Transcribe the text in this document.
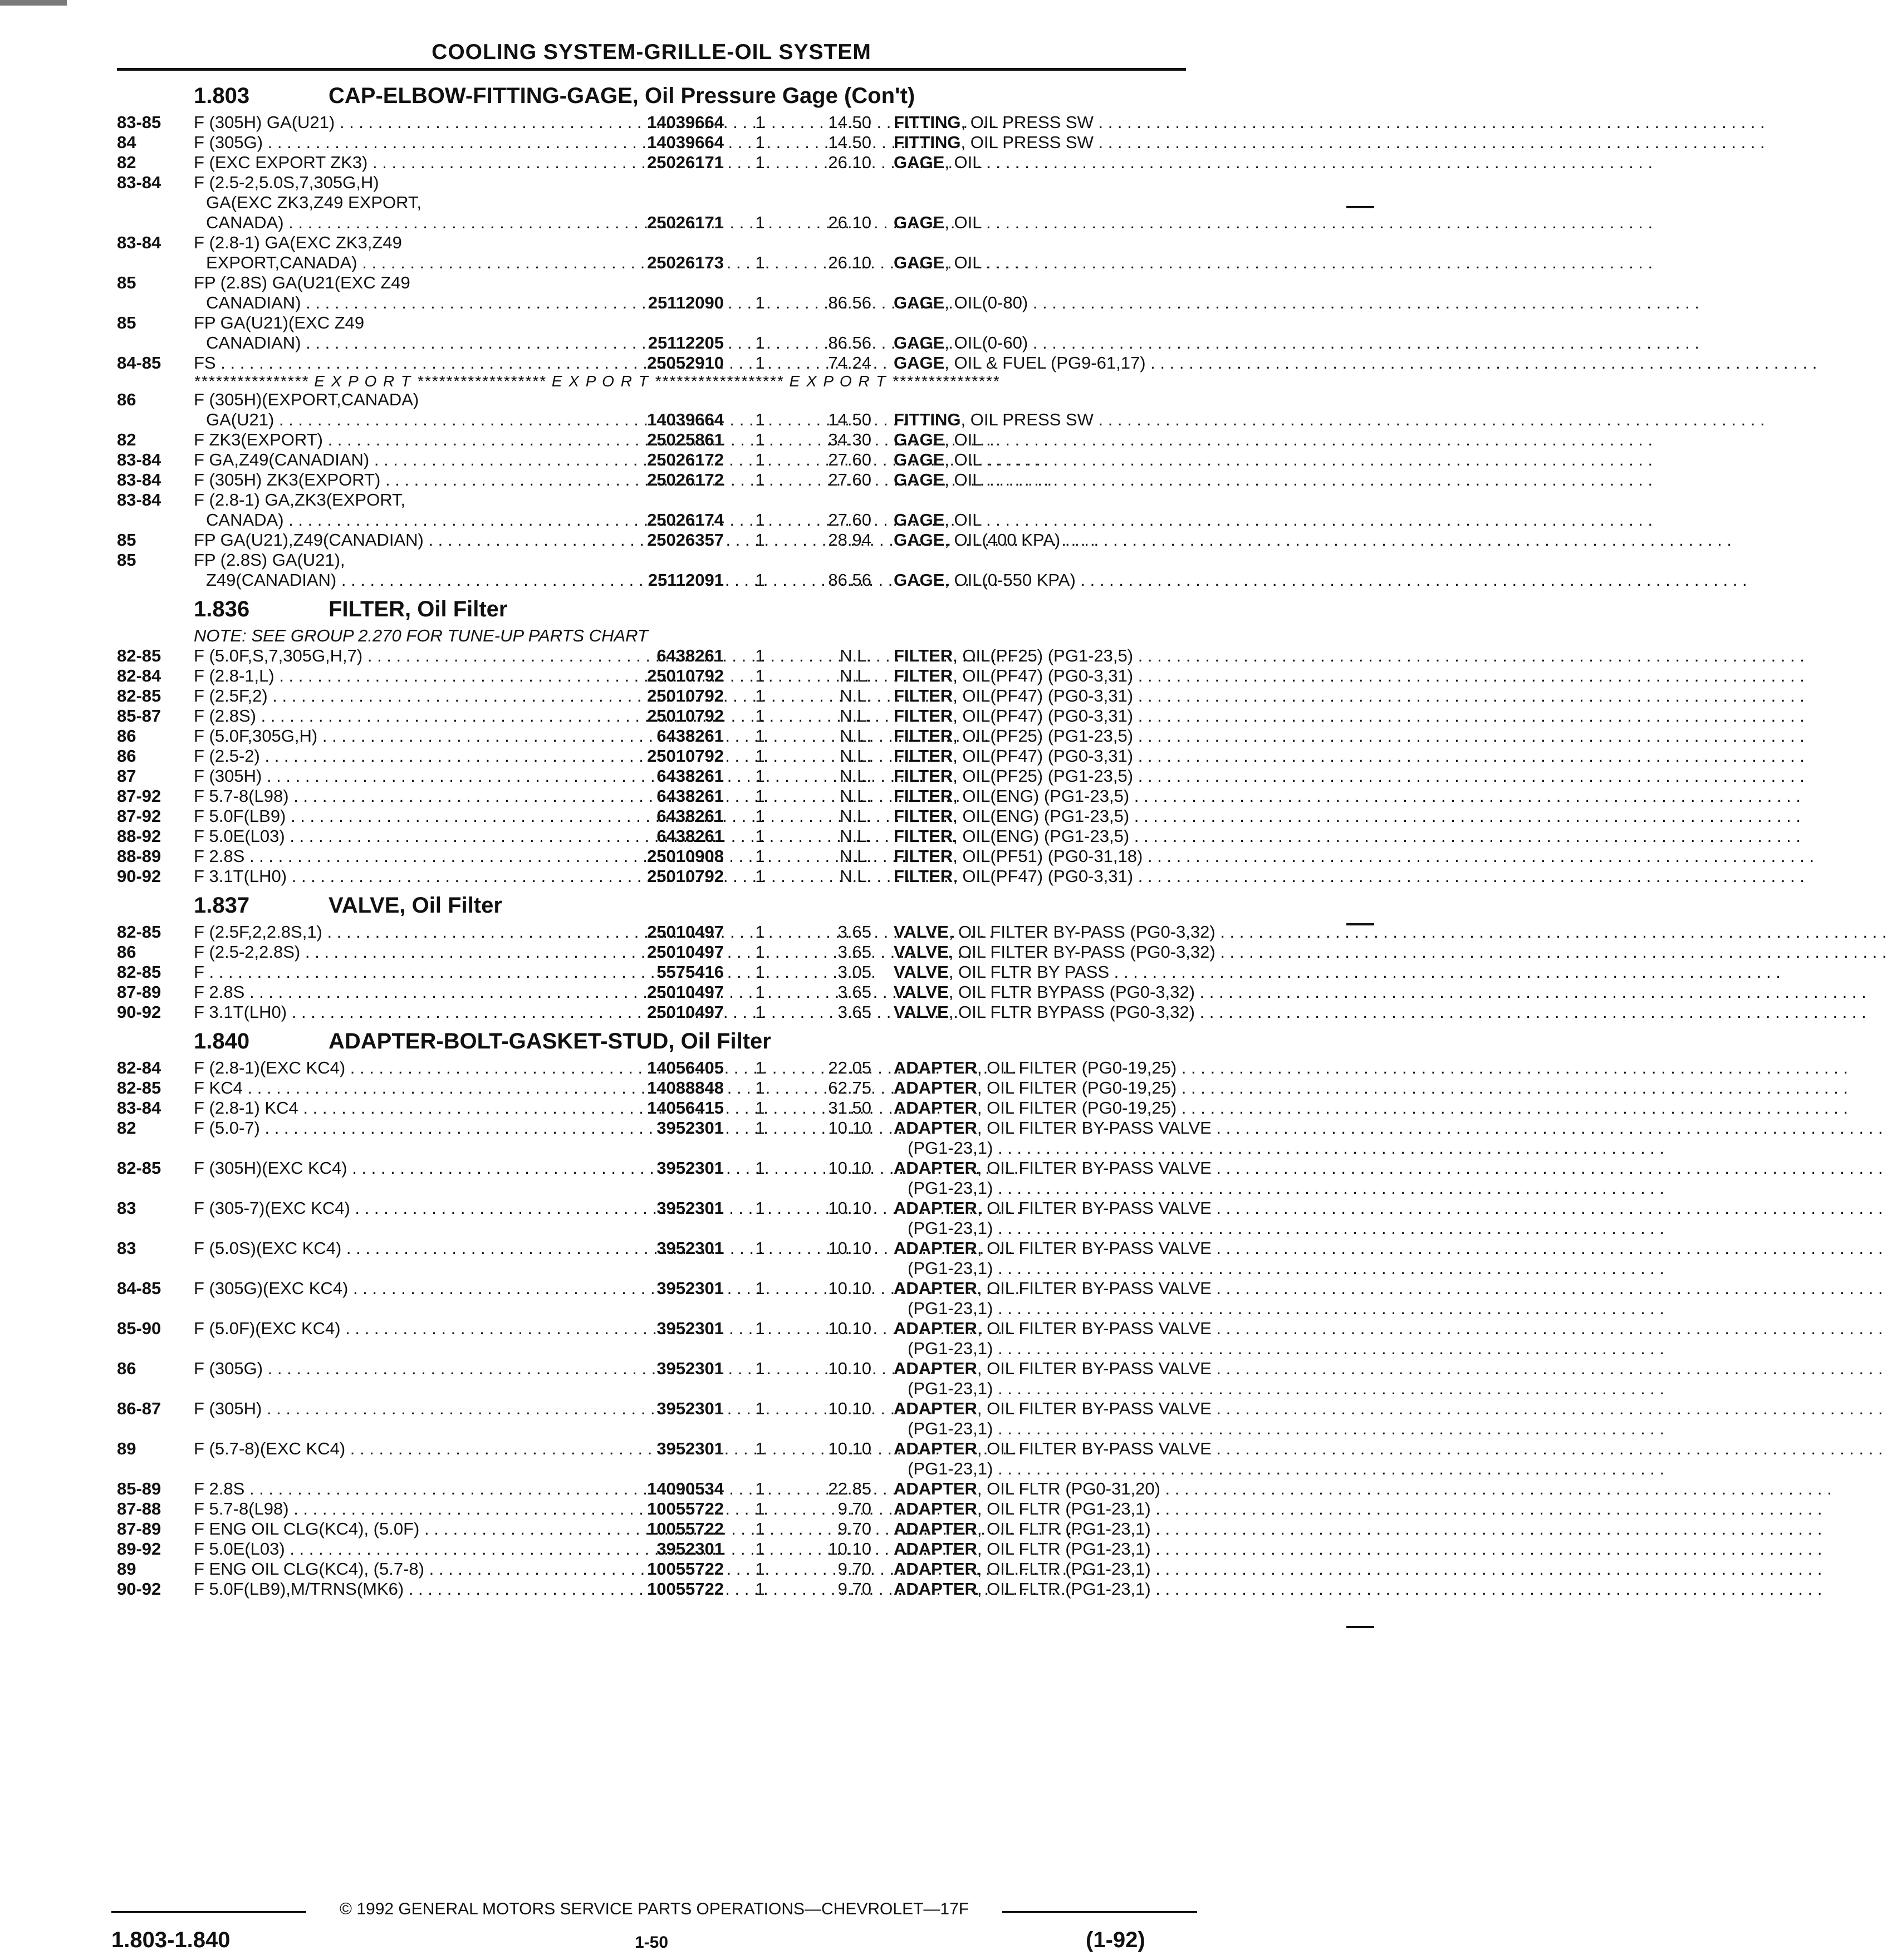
COOLING SYSTEM-GRILLE-OIL SYSTEM
1.803	CAP-ELBOW-FITTING-GAGE, Oil Pressure Gage (Con't)
83-85	F (305H) GA(U21) . . .	14039664 1	14.50 FITTING, OIL PRESS SW . . .
84	F (305G) . . .	14039664 1	14.50 FITTING, OIL PRESS SW . . .
82	F (EXC EXPORT ZK3) . . .	25026171 1	26.10 GAGE, OIL . . .
83-84	F (2.5-2,5.0S,7,305G,H)
GA(EXC ZK3,Z49 EXPORT,
CANADA) . . .	25026171 1	26.10 GAGE, OIL . . .
83-84	F (2.8-1) GA(EXC ZK3,Z49
EXPORT,CANADA) . . .	25026173 1	26.10 GAGE, OIL . . .
85	FP (2.8S) GA(U21(EXC Z49
CANADIAN) . . .	25112090 1	86.56 GAGE, OIL(0-80) . . .
85	FP GA(U21)(EXC Z49
CANADIAN) . . .	25112205 1	86.56 GAGE, OIL(0-60) . . .
84-85	FS . . .	25052910 1	74.24 GAGE, OIL & FUEL (PG9-61,17) . . .
**************** E X P O R T ****************** E X P O R T ****************** E X P O R T ***************
86	F (305H)(EXPORT,CANADA)
GA(U21) . . .	14039664 1	14.50 FITTING, OIL PRESS SW . . .
82	F ZK3(EXPORT) . . .	25025861 1	34.30 GAGE, OIL . . .
83-84	F GA,Z49(CANADIAN) . . .	25026172 1	27.60 GAGE, OIL . . .
83-84	F (305H) ZK3(EXPORT) . . .	25026172 1	27.60 GAGE, OIL . . .
83-84	F (2.8-1) GA,ZK3(EXPORT,
CANADA) . . .	25026174 1	27.60 GAGE, OIL . . .
85	FP GA(U21),Z49(CANADIAN) . . .	25026357 1	28.94 GAGE, OIL(400 KPA) . . .
85	FP (2.8S) GA(U21),
Z49(CANADIAN) . . .	25112091 1	86.56 GAGE, OIL(0-550 KPA) . . .
1.836	FILTER, Oil Filter
NOTE: SEE GROUP 2.270 FOR TUNE-UP PARTS CHART
82-85	F (5.0F,S,7,305G,H,7) . . .	6438261 1	N.L. FILTER, OIL(PF25) (PG1-23,5) . . .
82-84	F (2.8-1,L) . . .	25010792 1	N.L. FILTER, OIL(PF47) (PG0-3,31) . . .
82-85	F (2.5F,2) . . .	25010792 1	N.L. FILTER, OIL(PF47) (PG0-3,31) . . .
85-87	F (2.8S) . . .	25010792 1	N.L. FILTER, OIL(PF47) (PG0-3,31) . . .
86	F (5.0F,305G,H) . . .	6438261 1	N.L. FILTER, OIL(PF25) (PG1-23,5) . . .
86	F (2.5-2) . . .	25010792 1	N.L. FILTER, OIL(PF47) (PG0-3,31) . . .
87	F (305H) . . .	6438261 1	N.L. FILTER, OIL(PF25) (PG1-23,5) . . .
87-92	F 5.7-8(L98) . . .	6438261 1	N.L. FILTER, OIL(ENG) (PG1-23,5) . . .
87-92	F 5.0F(LB9) . . .	6438261 1	N.L. FILTER, OIL(ENG) (PG1-23,5) . . .
88-92	F 5.0E(L03) . . .	6438261 1	N.L. FILTER, OIL(ENG) (PG1-23,5) . . .
88-89	F 2.8S . . .	25010908 1	N.L. FILTER, OIL(PF51) (PG0-31,18) . . .
90-92	F 3.1T(LH0) . . .	25010792 1	N.L. FILTER, OIL(PF47) (PG0-3,31) . . .
1.837	VALVE, Oil Filter
82-85	F (2.5F,2,2.8S,1) . . .	25010497 1	3.65 VALVE, OIL FILTER BY-PASS (PG0-3,32) . . .
86	F (2.5-2,2.8S) . . .	25010497 1	3.65 VALVE, OIL FILTER BY-PASS (PG0-3,32) . . .
82-85	F . . .	5575416 1	3.05 VALVE, OIL FLTR BY PASS . . .
87-89	F 2.8S . . .	25010497 1	3.65 VALVE, OIL FLTR BYPASS (PG0-3,32) . . .
90-92	F 3.1T(LH0) . . .	25010497 1	3.65 VALVE, OIL FLTR BYPASS (PG0-3,32) . . .
1.840	ADAPTER-BOLT-GASKET-STUD, Oil Filter
82-84	F (2.8-1)(EXC KC4) . . .	14056405 1	22.05 ADAPTER, OIL FILTER (PG0-19,25) . . .
82-85	F KC4 . . .	14088848 1	62.75 ADAPTER, OIL FILTER (PG0-19,25) . . .
83-84	F (2.8-1) KC4 . . .	14056415 1	31.50 ADAPTER, OIL FILTER (PG0-19,25) . . .
82	F (5.0-7) . . .	3952301 1	10.10 ADAPTER, OIL FILTER BY-PASS VALVE . . .
(PG1-23,1) . . .
82-85	F (305H)(EXC KC4) . . .	3952301 1	10.10 ADAPTER, OIL FILTER BY-PASS VALVE . . .
(PG1-23,1) . . .
83	F (305-7)(EXC KC4) . . .	3952301 1	10.10 ADAPTER, OIL FILTER BY-PASS VALVE . . .
(PG1-23,1) . . .
83	F (5.0S)(EXC KC4) . . .	3952301 1	10.10 ADAPTER, OIL FILTER BY-PASS VALVE . . .
(PG1-23,1) . . .
84-85	F (305G)(EXC KC4) . . .	3952301 1	10.10 ADAPTER, OIL FILTER BY-PASS VALVE . . .
(PG1-23,1) . . .
85-90	F (5.0F)(EXC KC4) . . .	3952301 1	10.10 ADAPTER, OIL FILTER BY-PASS VALVE . . .
(PG1-23,1) . . .
86	F (305G) . . .	3952301 1	10.10 ADAPTER, OIL FILTER BY-PASS VALVE . . .
(PG1-23,1) . . .
86-87	F (305H) . . .	3952301 1	10.10 ADAPTER, OIL FILTER BY-PASS VALVE . . .
(PG1-23,1) . . .
89	F (5.7-8)(EXC KC4) . . .	3952301 1	10.10 ADAPTER, OIL FILTER BY-PASS VALVE . . .
(PG1-23,1) . . .
85-89	F 2.8S . . .	14090534 1	22.85 ADAPTER, OIL FLTR (PG0-31,20) . . .
87-88	F 5.7-8(L98) . . .	10055722 1	9.70 ADAPTER, OIL FLTR (PG1-23,1) . . .
87-89	F ENG OIL CLG(KC4), (5.0F) . . .	10055722 1	9.70 ADAPTER, OIL FLTR (PG1-23,1) . . .
89-92	F 5.0E(L03) . . .	3952301 1	10.10 ADAPTER, OIL FLTR (PG1-23,1) . . .
89	F ENG OIL CLG(KC4), (5.7-8) . . .	10055722 1	9.70 ADAPTER, OIL FLTR (PG1-23,1) . . .
90-92	F 5.0F(LB9),M/TRNS(MK6) . . .	10055722 1	9.70 ADAPTER, OIL FLTR (PG1-23,1) . . .
© 1992 GENERAL MOTORS SERVICE PARTS OPERATIONS—CHEVROLET—17F
1.803-1.840	1-50	(1-92)
